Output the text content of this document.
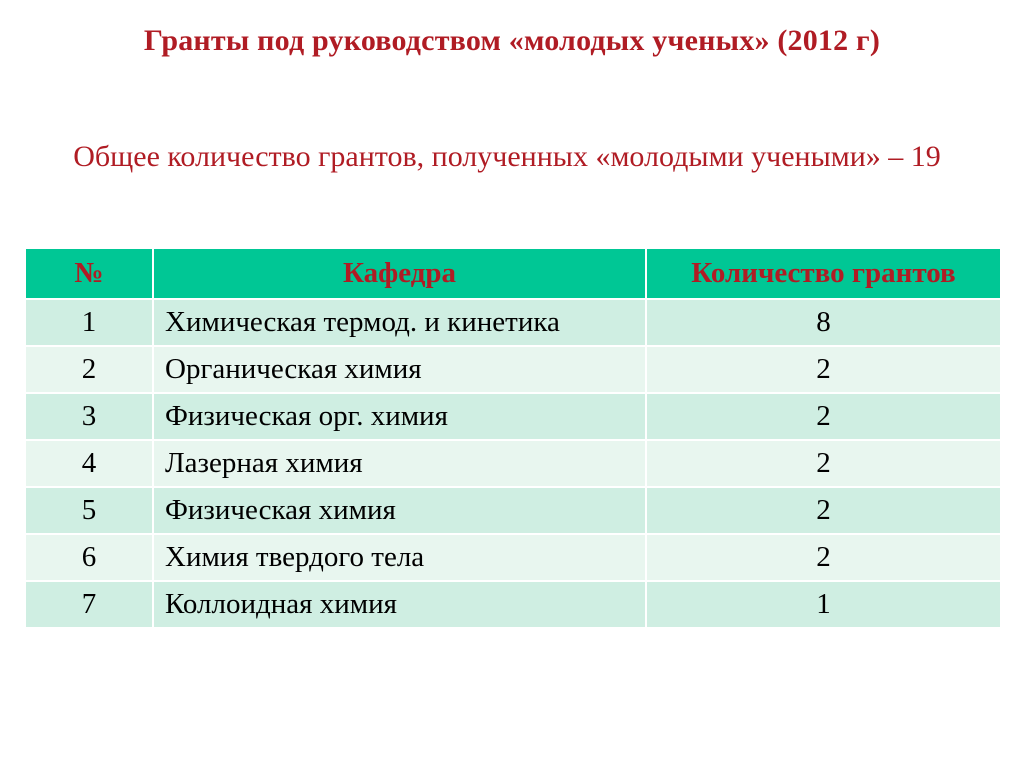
Гранты под руководством «молодых ученых» (2012 г)
Общее количество грантов, полученных «молодыми учеными» – 19
№	Кафедра	Количество грантов
1	Химическая термод. и кинетика	8
2	Органическая химия	2
3	Физическая орг. химия	2
4	Лазерная химия	2
5	Физическая химия	2
6	Химия твердого тела	2
7	Коллоидная химия	1
